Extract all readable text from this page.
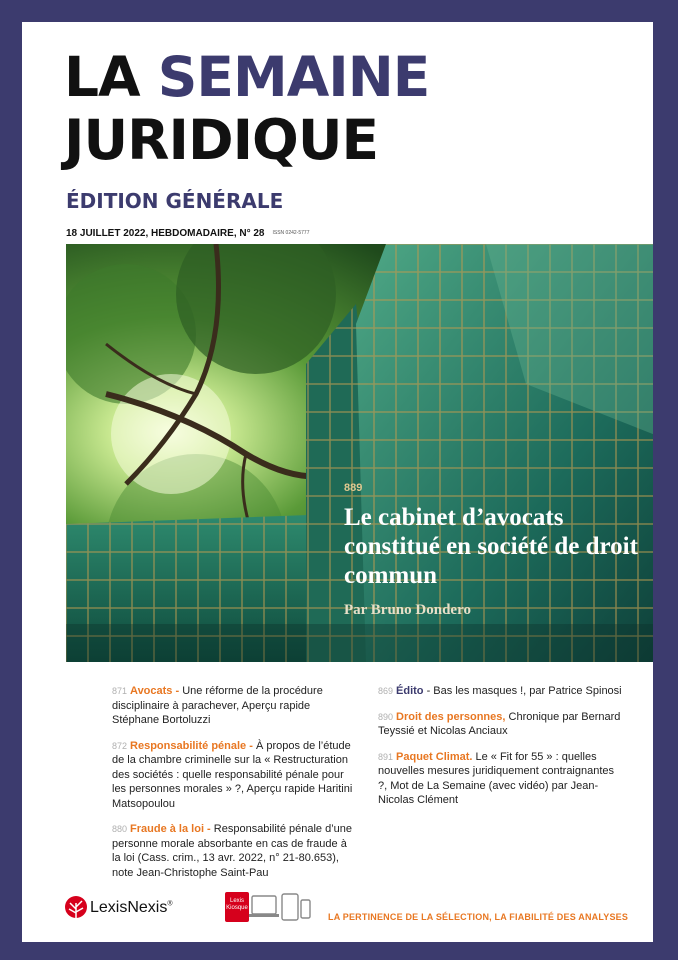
LA SEMAINE
JURIDIQUE
ÉDITION GÉNÉRALE
18 JUILLET 2022, HEBDOMADAIRE, N° 28 ISSN 0242-5777
889
Le cabinet d’avocats constitué en société de droit commun
Par Bruno Dondero
871 Avocats - Une réforme de la procédure disciplinaire à parachever, Aperçu rapide Stéphane Bortoluzzi
872 Responsabilité pénale - À propos de l’étude de la chambre criminelle sur la « Restructuration des sociétés : quelle responsabilité pénale pour les personnes morales » ?, Aperçu rapide Haritini Matsopoulou
880 Fraude à la loi - Responsabilité pénale d’une personne morale absorbante en cas de fraude à la loi (Cass. crim., 13 avr. 2022, n° 21-80.653), note Jean-Christophe Saint-Pau
869 Édito - Bas les masques !, par Patrice Spinosi
890 Droit des personnes, Chronique par Bernard Teyssié et Nicolas Anciaux
891 Paquet Climat. Le « Fit for 55 » : quelles nouvelles mesures juridiquement contraignantes ?, Mot de La Semaine (avec vidéo) par Jean-Nicolas Clément
LexisNexis®	Lexis
Kiosque
LA PERTINENCE DE LA SÉLECTION, LA FIABILITÉ DES ANALYSES
